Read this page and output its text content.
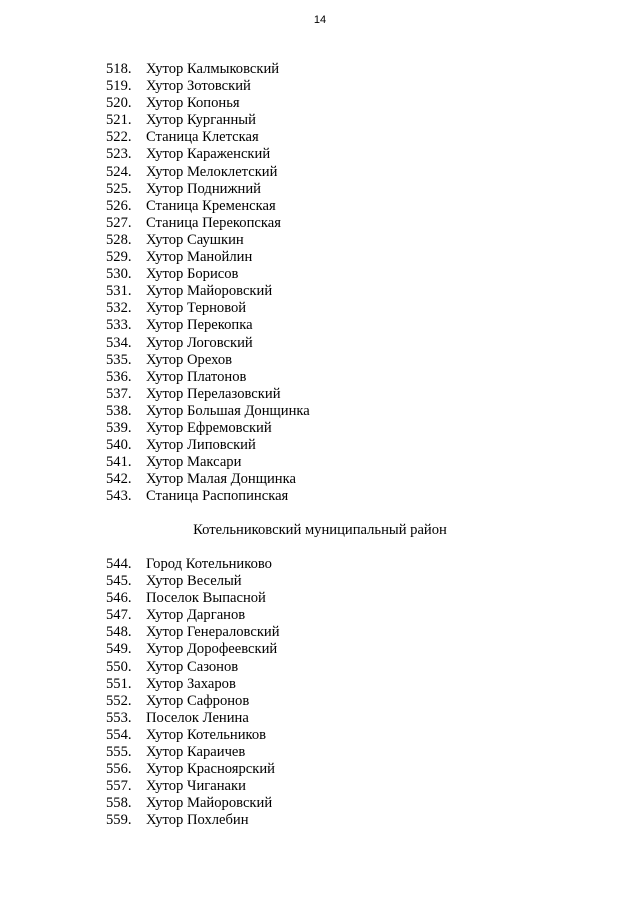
14
518. Хутор Калмыковский
519. Хутор Зотовский
520. Хутор Копонья
521. Хутор Курганный
522. Станица Клетская
523. Хутор Караженский
524. Хутор Мелоклетский
525. Хутор Поднижний
526. Станица Кременская
527. Станица Перекопская
528. Хутор Саушкин
529. Хутор Манойлин
530. Хутор Борисов
531. Хутор Майоровский
532. Хутор Терновой
533. Хутор Перекопка
534. Хутор Логовский
535. Хутор Орехов
536. Хутор Платонов
537. Хутор Перелазовский
538. Хутор Большая Донщинка
539. Хутор Ефремовский
540. Хутор Липовский
541. Хутор Максари
542. Хутор Малая Донщинка
543. Станица Распопинская
Котельниковский муниципальный район
544. Город Котельниково
545. Хутор Веселый
546. Поселок Выпасной
547. Хутор Дарганов
548. Хутор Генераловский
549. Хутор Дорофеевский
550. Хутор Сазонов
551. Хутор Захаров
552. Хутор Сафронов
553. Поселок Ленина
554. Хутор Котельников
555. Хутор Караичев
556. Хутор Красноярский
557. Хутор Чиганаки
558. Хутор Майоровский
559. Хутор Похлебин
